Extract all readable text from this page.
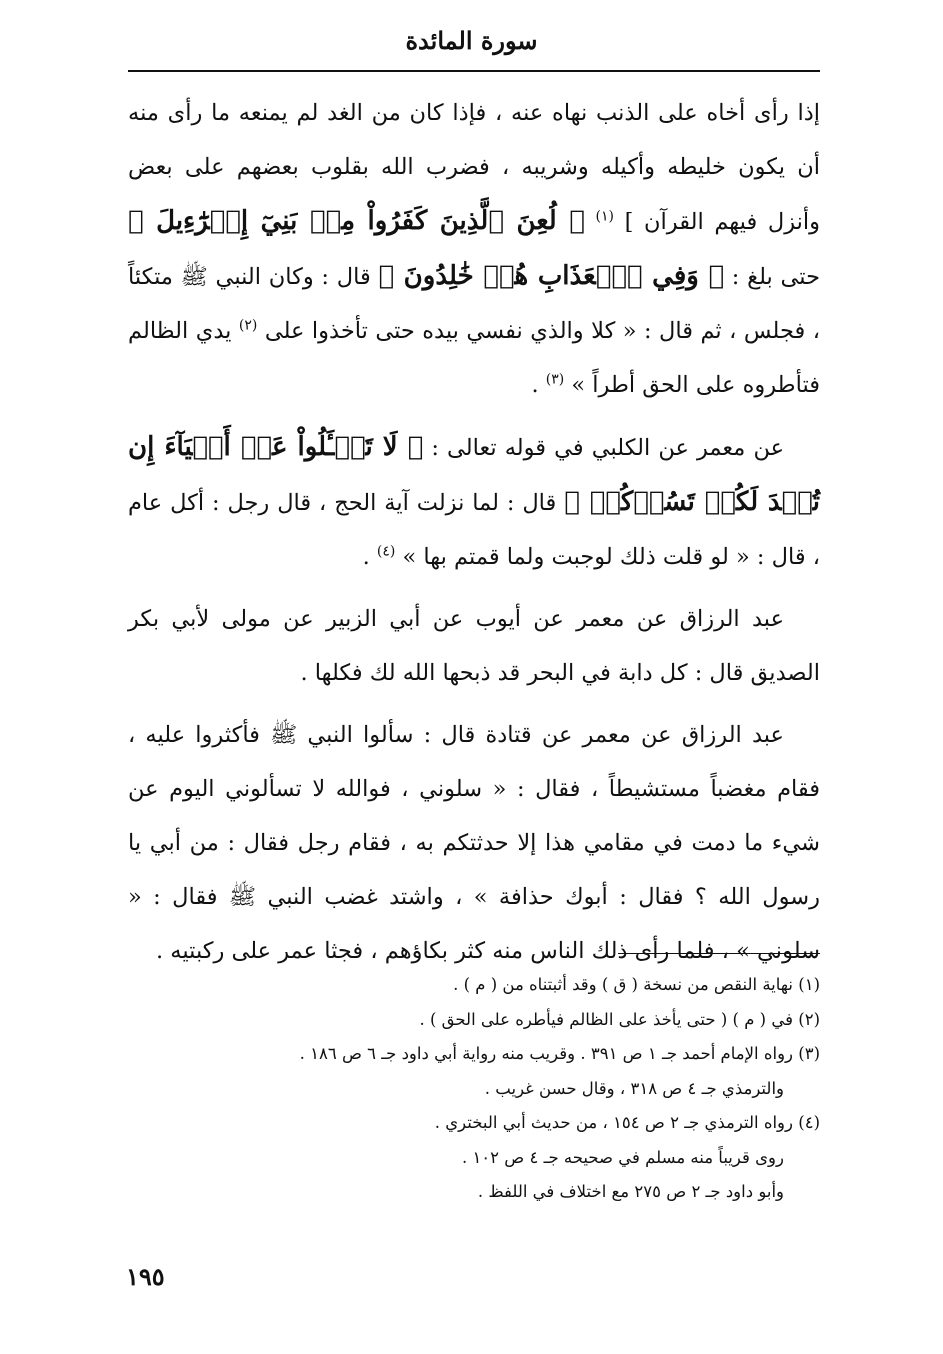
سورة المائدة

إذا رأى أخاه على الذنب نهاه عنه ، فإذا كان من الغد لم يمنعه ما رأى منه أن يكون خليطه وأكيله وشريبه ، فضرب الله بقلوب بعضهم على بعض وأنزل فيهم القرآن ] $^{(١)}$ ﴿ لُعِنَ ٱلَّذِينَ كَفَرُواْ مِنۢ بَنِيٓ إِسۡرَٰٓءِيلَ ﴾ حتى بلغ : ﴿ وَفِي ٱلۡعَذَابِ هُمۡ خَٰلِدُونَ ﴾ قال : وكان النبي ﷺ متكئاً ، فجلس ، ثم قال : « كلا والذي نفسي بيده حتى تأخذوا على $^{(٢)}$ يدي الظالم فتأطروه على الحق أطراً » $^{(٣)}$ .

عن معمر عن الكلبي في قوله تعالى : ﴿ لَا تَسۡـَٔلُواْ عَنۡ أَشۡيَآءَ إِن تُبۡدَ لَكُمۡ تَسُؤۡكُمۡ ﴾ قال : لما نزلت آية الحج ، قال رجل : أكل عام ، قال : « لو قلت ذلك لوجبت ولما قمتم بها » $^{(٤)}$ .

عبد الرزاق عن معمر عن أيوب عن أبي الزبير عن مولى لأبي بكر الصديق قال : كل دابة في البحر قد ذبحها الله لك فكلها .

عبد الرزاق عن معمر عن قتادة قال : سألوا النبي ﷺ فأكثروا عليه ، فقام مغضباً مستشيطاً ، فقال : « سلوني ، فوالله لا تسألوني اليوم عن شيء ما دمت في مقامي هذا إلا حدثتكم به ، فقام رجل فقال : من أبي يا رسول الله ؟ فقال : أبوك حذافة » ، واشتد غضب النبي ﷺ فقال : « سلوني » ، فلما رأى ذلك الناس منه كثر بكاؤهم ، فجثا عمر على ركبتيه .

(١) نهاية النقص من نسخة ( ق ) وقد أثبتناه من ( م ) .
(٢) في ( م ) ( حتى يأخذ على الظالم فيأطره على الحق ) .
(٣) رواه الإمام أحمد جـ ١ ص ٣٩١ . وقريب منه رواية أبي داود جـ ٦ ص ١٨٦ .
والترمذي جـ ٤ ص ٣١٨ ، وقال حسن غريب .
(٤) رواه الترمذي جـ ٢ ص ١٥٤ ، من حديث أبي البختري .
روى قريباً منه مسلم في صحيحه جـ ٤ ص ١٠٢ .
وأبو داود جـ ٢ ص ٢٧٥ مع اختلاف في اللفظ .
١٩٥
